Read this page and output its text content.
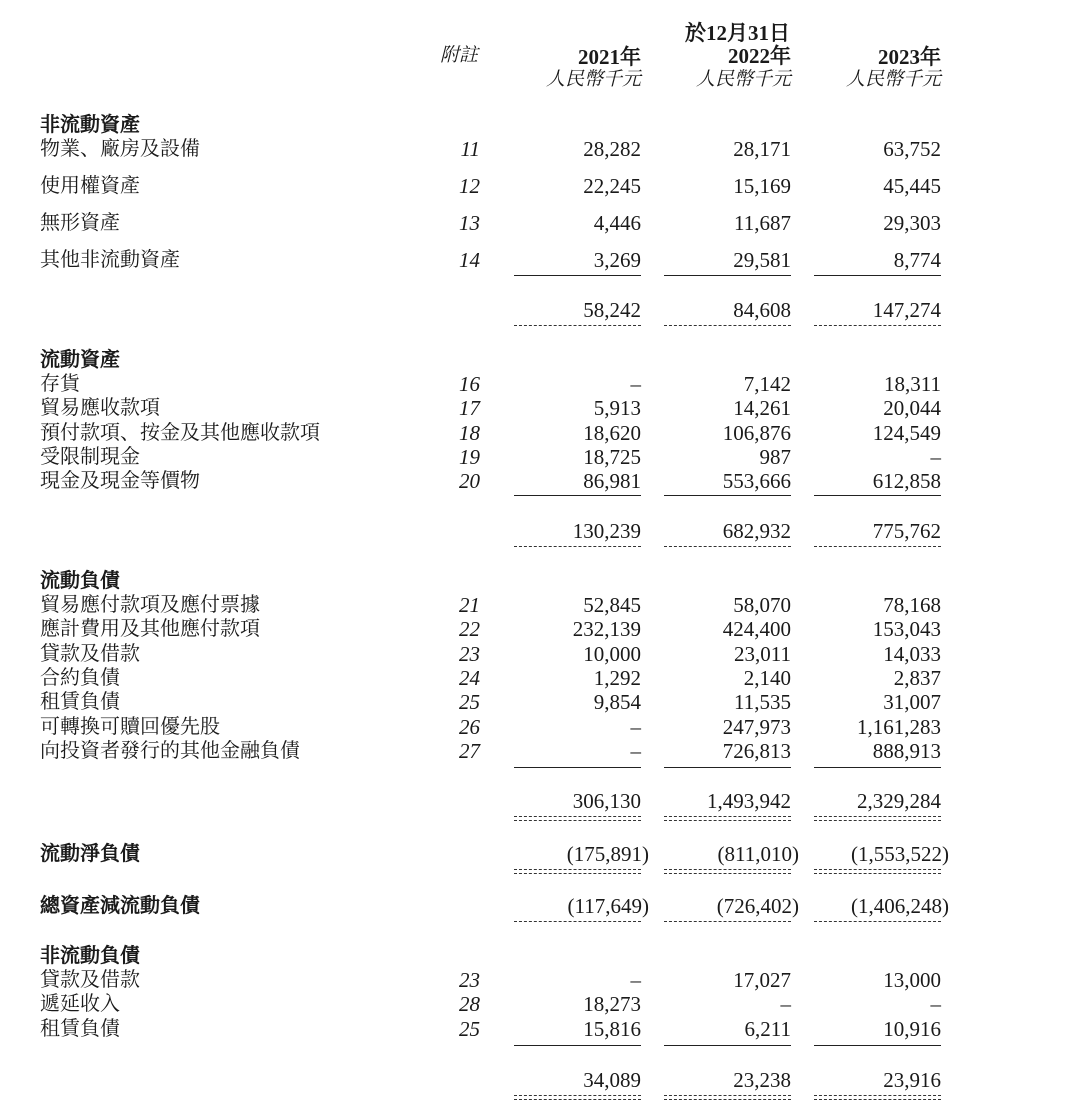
於12月31日
附註	2021年	2022年	2023年
人民幣千元	人民幣千元	人民幣千元
非流動資產
物業、廠房及設備	11	28,282	28,171	63,752
使用權資產	12	22,245	15,169	45,445
無形資產	13	4,446	11,687	29,303
其他非流動資產	14	3,269	29,581	8,774
58,242	84,608	147,274
流動資產
存貨	16	–	7,142	18,311
貿易應收款項	17	5,913	14,261	20,044
預付款項、按金及其他應收款項	18	18,620	106,876	124,549
受限制現金	19	18,725	987	–
現金及現金等價物	20	86,981	553,666	612,858
130,239	682,932	775,762
流動負債
貿易應付款項及應付票據	21	52,845	58,070	78,168
應計費用及其他應付款項	22	232,139	424,400	153,043
貸款及借款	23	10,000	23,011	14,033
合約負債	24	1,292	2,140	2,837
租賃負債	25	9,854	11,535	31,007
可轉換可贖回優先股	26	–	247,973	1,161,283
向投資者發行的其他金融負債	27	–	726,813	888,913
306,130	1,493,942	2,329,284
流動淨負債	(175,891)	(811,010)	(1,553,522)
總資產減流動負債	(117,649)	(726,402)	(1,406,248)
非流動負債
貸款及借款	23	–	17,027	13,000
遞延收入	28	18,273	–	–
租賃負債	25	15,816	6,211	10,916
34,089	23,238	23,916
